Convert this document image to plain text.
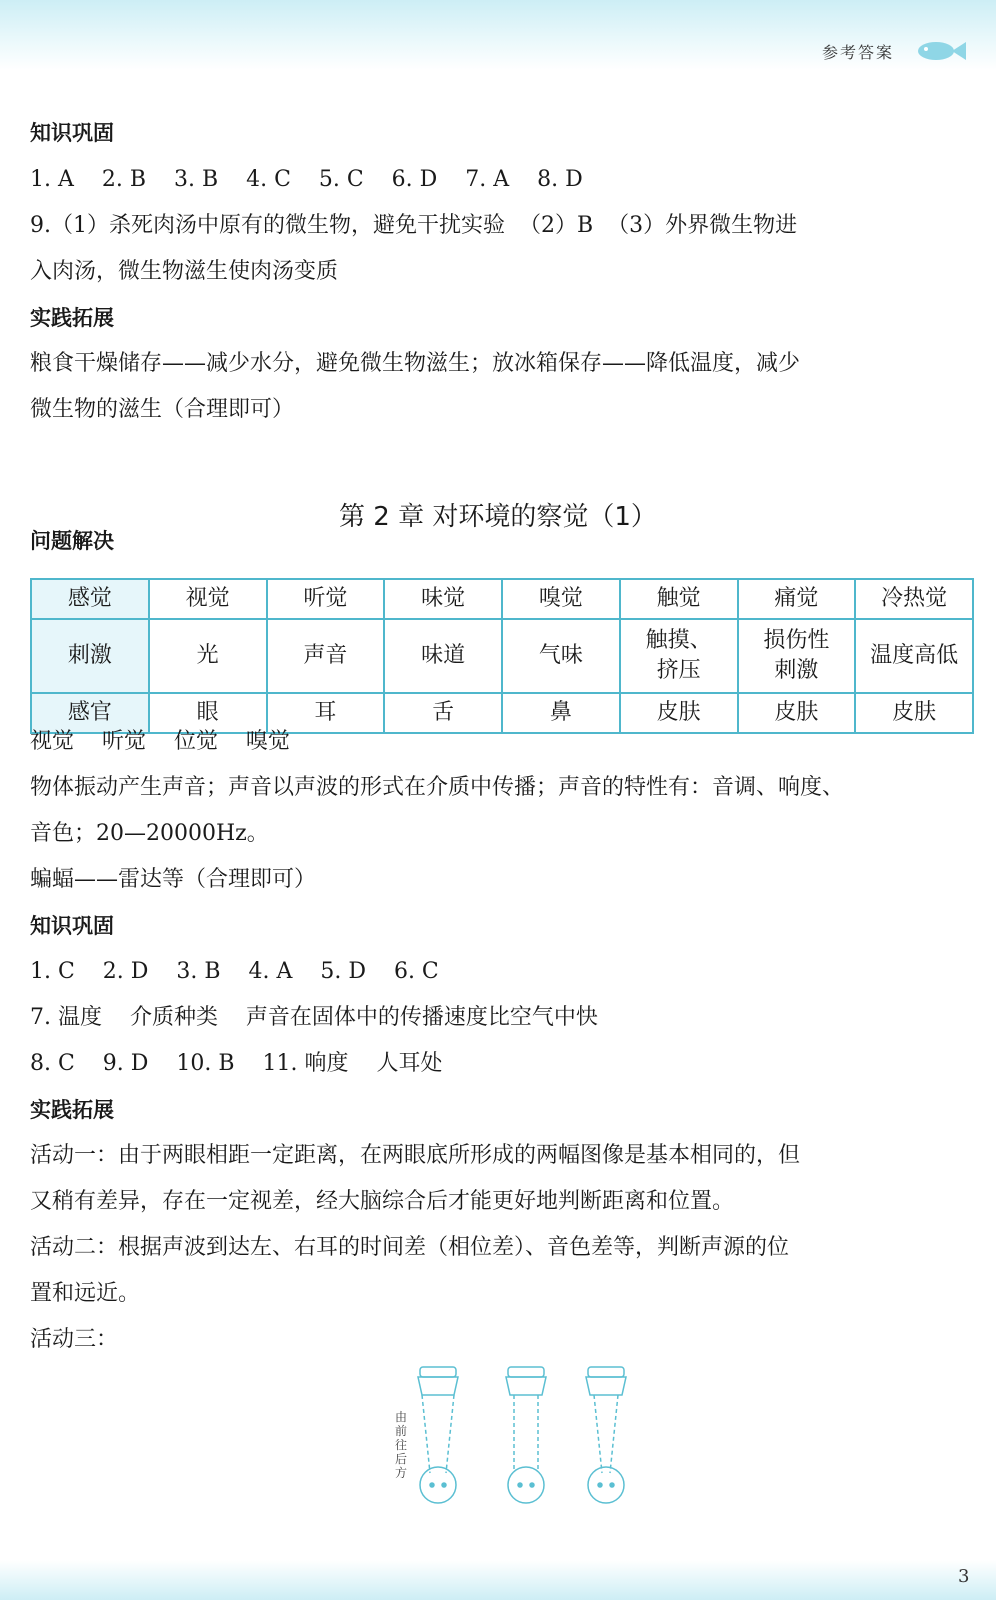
参考答案
知识巩固
1. A    2. B    3. B    4. C    5. C    6. D    7. A    8. D
9.（1）杀死肉汤中原有的微生物，避免干扰实验  （2）B  （3）外界微生物进
入肉汤，微生物滋生使肉汤变质
实践拓展
粮食干燥储存——减少水分，避免微生物滋生；放冰箱保存——降低温度，减少
微生物的滋生（合理即可）
第 2 章 对环境的察觉（1）
问题解决
感觉	视觉	听觉	味觉	嗅觉	触觉	痛觉	冷热觉
刺激	光	声音	味道	气味	触摸、挤压	损伤性刺激	温度高低
感官	眼	耳	舌	鼻	皮肤	皮肤	皮肤
视觉    听觉    位觉    嗅觉
物体振动产生声音；声音以声波的形式在介质中传播；声音的特性有：音调、响度、
音色；20—20000Hz。
蝙蝠——雷达等（合理即可）
知识巩固
1. C    2. D    3. B    4. A    5. D    6. C
7. 温度    介质种类    声音在固体中的传播速度比空气中快
8. C    9. D    10. B    11. 响度    人耳处
实践拓展
活动一：由于两眼相距一定距离，在两眼底所形成的两幅图像是基本相同的，但
又稍有差异，存在一定视差，经大脑综合后才能更好地判断距离和位置。
活动二：根据声波到达左、右耳的时间差（相位差）、音色差等，判断声源的位
置和远近。
活动三：
由前往后方
3
